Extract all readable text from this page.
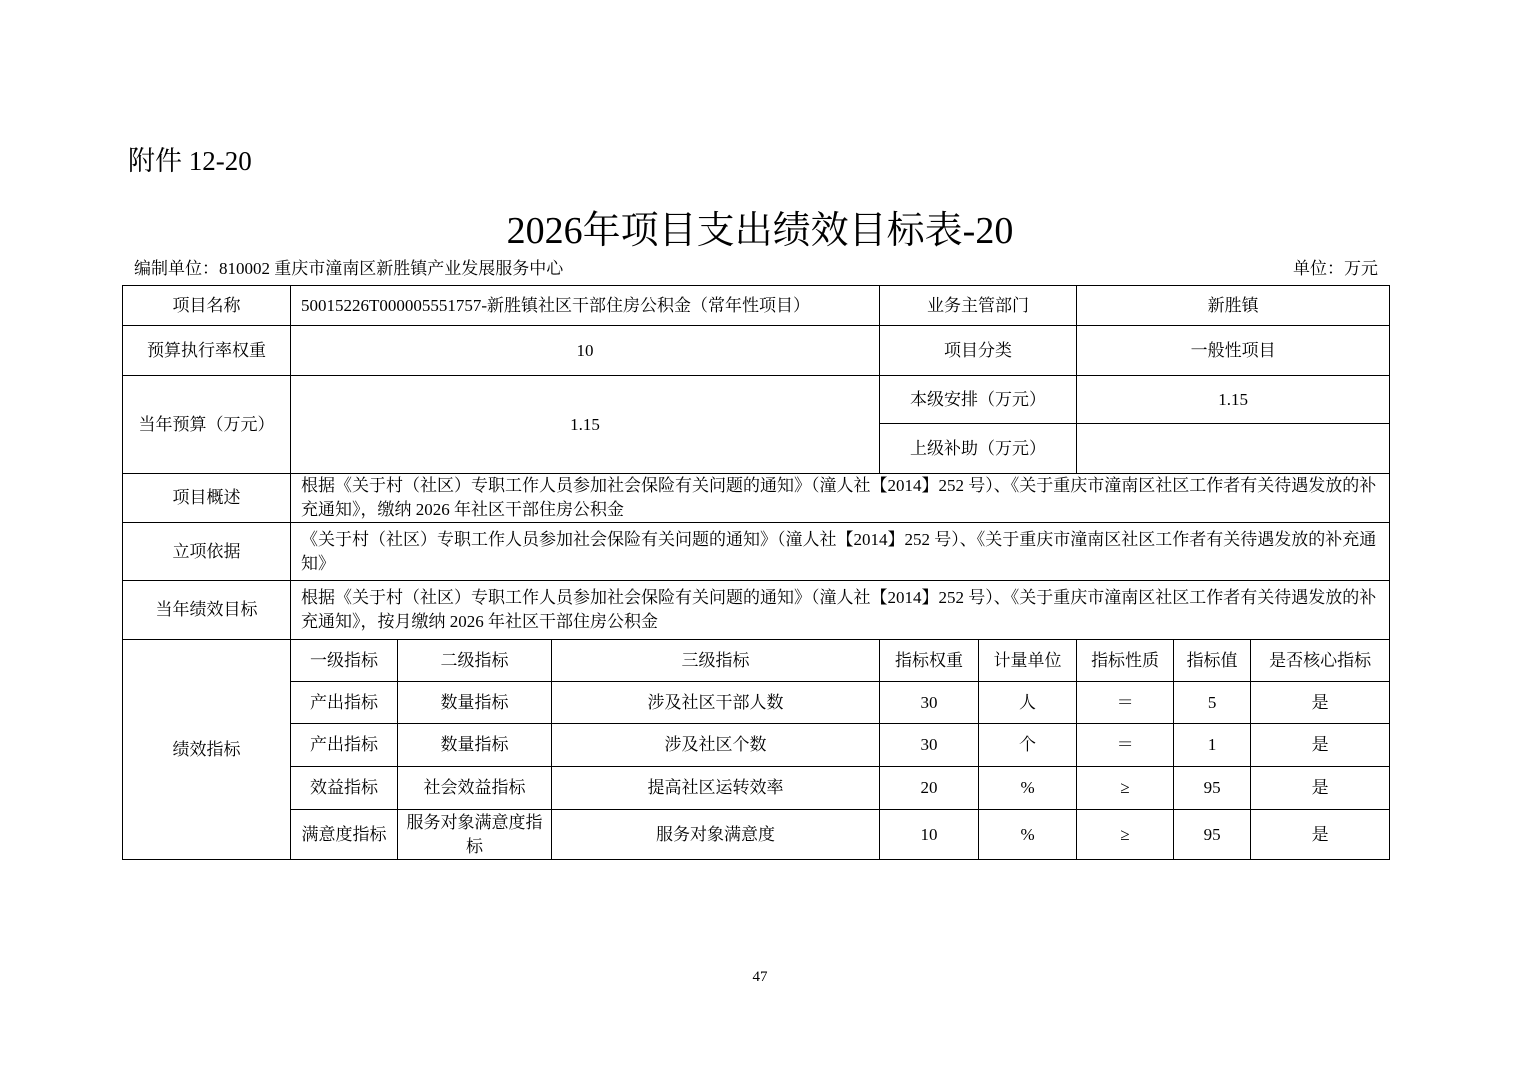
附件 12-20
2026年项目支出绩效目标表-20
编制单位：810002 重庆市潼南区新胜镇产业发展服务中心	单位：万元
项目名称	50015226T000005551757-新胜镇社区干部住房公积金（常年性项目）			业务主管部门		新胜镇		
预算执行率权重	10			项目分类		一般性项目		
当年预算（万元）	1.15			本级安排（万元）		1.15		
				上级补助（万元）				
项目概述	根据《关于村（社区）专职工作人员参加社会保险有关问题的通知》（潼人社【2014】252 号）、《关于重庆市潼南区社区工作者有关待遇发放的补充通知》，缴纳 2026 年社区干部住房公积金							
立项依据	《关于村（社区）专职工作人员参加社会保险有关问题的通知》（潼人社【2014】252 号）、《关于重庆市潼南区社区工作者有关待遇发放的补充通知》							
当年绩效目标	根据《关于村（社区）专职工作人员参加社会保险有关问题的通知》（潼人社【2014】252 号）、《关于重庆市潼南区社区工作者有关待遇发放的补充通知》，按月缴纳 2026 年社区干部住房公积金							
绩效指标	一级指标	二级指标	三级指标	指标权重	计量单位	指标性质	指标值	是否核心指标
	产出指标	数量指标	涉及社区干部人数	30	人	＝	5	是
	产出指标	数量指标	涉及社区个数	30	个	＝	1	是
	效益指标	社会效益指标	提高社区运转效率	20	%	≥	95	是
	满意度指标	服务对象满意度指标	服务对象满意度	10	%	≥	95	是
47
